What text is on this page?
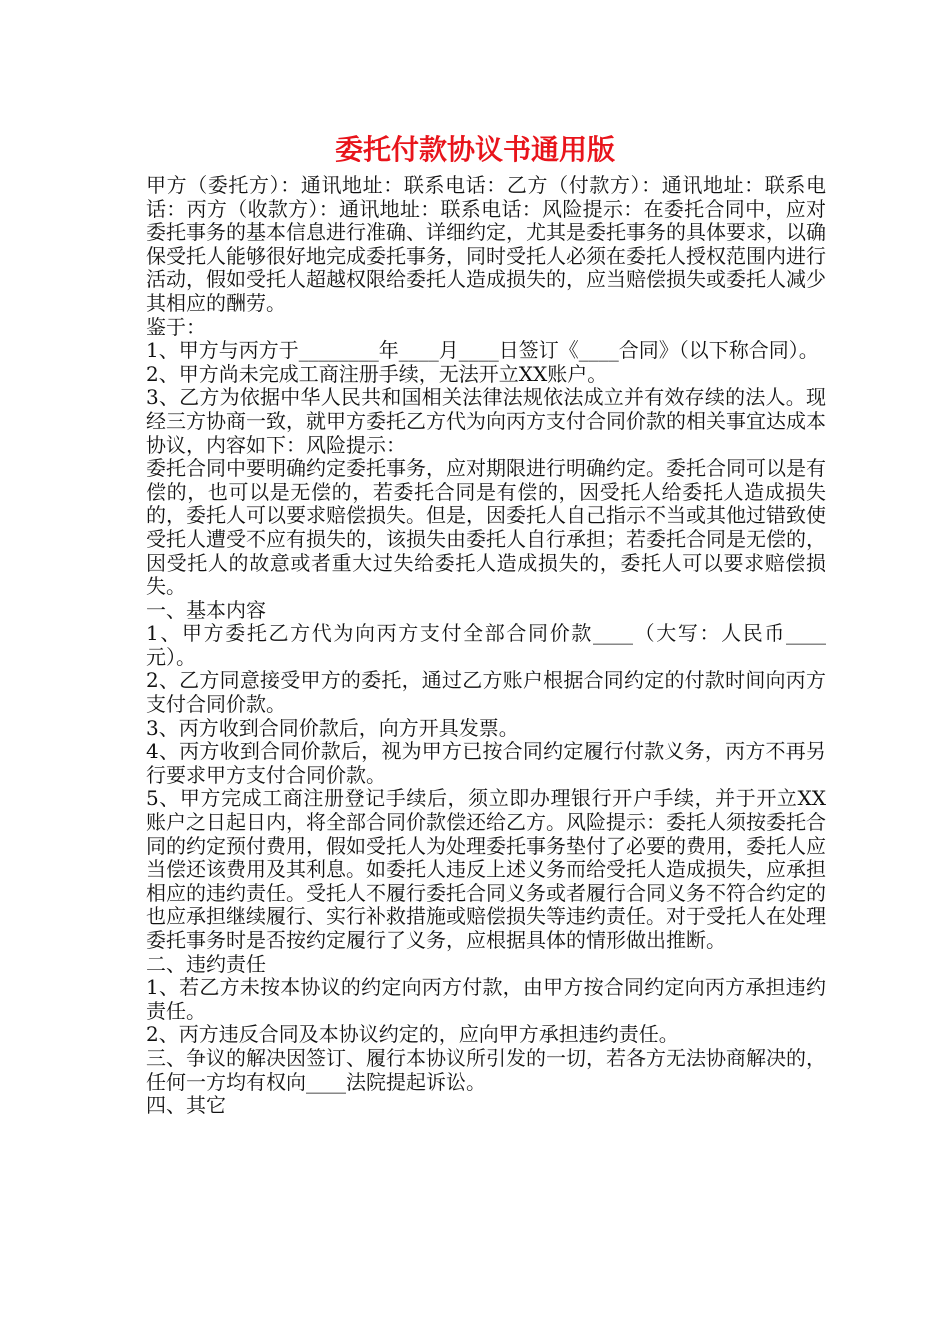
委托付款协议书通用版

甲方（委托方）：通讯地址：联系电话：乙方（付款方）：通讯地址：联系电话：丙方（收款方）：通讯地址：联系电话：风险提示：在委托合同中，应对委托事务的基本信息进行准确、详细约定，尤其是委托事务的具体要求，以确保受托人能够很好地完成委托事务，同时受托人必须在委托人授权范围内进行活动，假如受托人超越权限给委托人造成损失的，应当赔偿损失或委托人减少其相应的酬劳。

鉴于：

1、甲方与丙方于________年____月____日签订《____合同》（以下称合同）。

2、甲方尚未完成工商注册手续，无法开立XX账户。

3、乙方为依据中华人民共和国相关法律法规依法成立并有效存续的法人。现经三方协商一致，就甲方委托乙方代为向丙方支付合同价款的相关事宜达成本协议，内容如下：风险提示：

委托合同中要明确约定委托事务，应对期限进行明确约定。委托合同可以是有偿的，也可以是无偿的，若委托合同是有偿的，因受托人给委托人造成损失的，委托人可以要求赔偿损失。但是，因委托人自己指示不当或其他过错致使受托人遭受不应有损失的，该损失由委托人自行承担；若委托合同是无偿的，因受托人的故意或者重大过失给委托人造成损失的，委托人可以要求赔偿损失。

一、基本内容

1、甲方委托乙方代为向丙方支付全部合同价款____（大写：人民币____元）。

2、乙方同意接受甲方的委托，通过乙方账户根据合同约定的付款时间向丙方支付合同价款。

3、丙方收到合同价款后，向方开具发票。

4、丙方收到合同价款后，视为甲方已按合同约定履行付款义务，丙方不再另行要求甲方支付合同价款。

5、甲方完成工商注册登记手续后，须立即办理银行开户手续，并于开立XX账户之日起日内，将全部合同价款偿还给乙方。风险提示：委托人须按委托合同的约定预付费用，假如受托人为处理委托事务垫付了必要的费用，委托人应当偿还该费用及其利息。如委托人违反上述义务而给受托人造成损失，应承担相应的违约责任。受托人不履行委托合同义务或者履行合同义务不符合约定的也应承担继续履行、实行补救措施或赔偿损失等违约责任。对于受托人在处理委托事务时是否按约定履行了义务，应根据具体的情形做出推断。

二、违约责任

1、若乙方未按本协议的约定向丙方付款，由甲方按合同约定向丙方承担违约责任。

2、丙方违反合同及本协议约定的，应向甲方承担违约责任。

三、争议的解决因签订、履行本协议所引发的一切，若各方无法协商解决的，任何一方均有权向____法院提起诉讼。

四、其它
